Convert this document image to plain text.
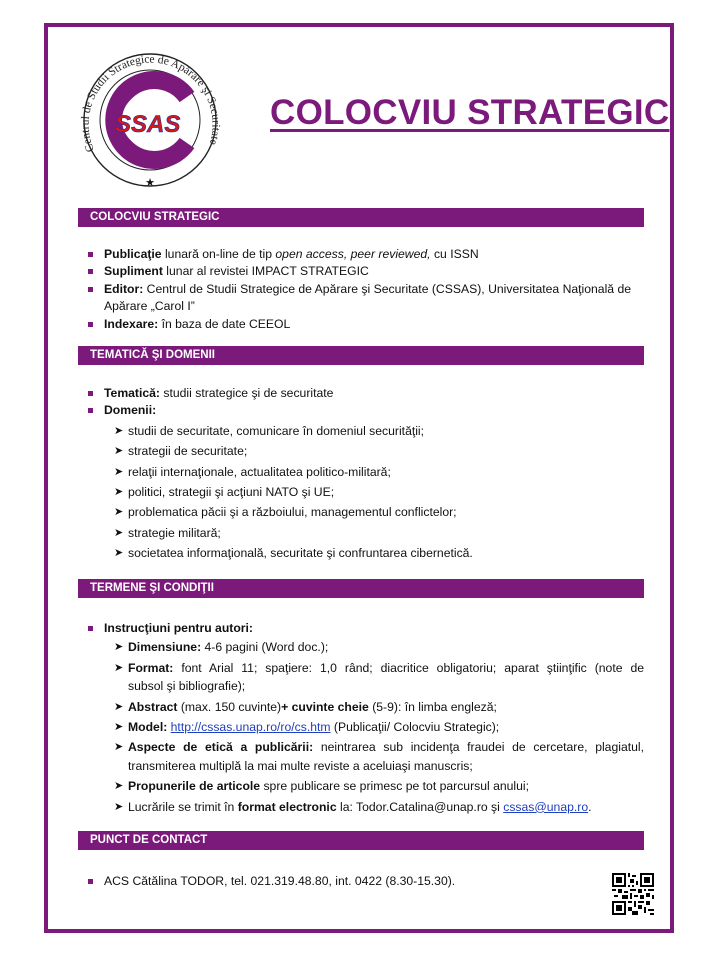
SSAS
Centrul de Studii Strategice de Apărare şi Securitate
★
COLOCVIU STRATEGIC
COLOCVIU STRATEGIC
Publicaţie lunară on-line de tip open access, peer reviewed, cu ISSN
Supliment lunar al revistei IMPACT STRATEGIC
Editor: Centrul de Studii Strategice de Apărare şi Securitate (CSSAS), Universitatea Naţională de
Apărare „Carol I”
Indexare: în baza de date CEEOL
TEMATICĂ ŞI DOMENII
Tematică: studii strategice şi de securitate
Domenii:
➤ studii de securitate, comunicare în domeniul securităţii;
➤ strategii de securitate;
➤ relaţii internaţionale, actualitatea politico-militară;
➤ politici, strategii şi acţiuni NATO şi UE;
➤ problematica păcii şi a războiului, managementul conflictelor;
➤ strategie militară;
➤ societatea informaţională, securitate şi confruntarea cibernetică.
TERMENE ŞI CONDIŢII
Instrucţiuni pentru autori:
➤ Dimensiune: 4-6 pagini (Word doc.);
➤ Format: font Arial 11; spaţiere: 1,0 rând; diacritice obligatoriu; aparat ştiinţific (note de
subsol şi bibliografie);
➤ Abstract (max. 150 cuvinte)+ cuvinte cheie (5-9): în limba engleză;
➤ Model: http://cssas.unap.ro/ro/cs.htm (Publicaţii/ Colocviu Strategic);
➤ Aspecte de etică a publicării: neintrarea sub incidenţa fraudei de cercetare, plagiatul,
transmiterea multiplă la mai multe reviste a aceluiaşi manuscris;
➤ Propunerile de articole spre publicare se primesc pe tot parcursul anului;
➤ Lucrările se trimit în format electronic la: Todor.Catalina@unap.ro şi cssas@unap.ro.
PUNCT DE CONTACT
ACS Cătălina TODOR, tel. 021.319.48.80, int. 0422 (8.30-15.30).
